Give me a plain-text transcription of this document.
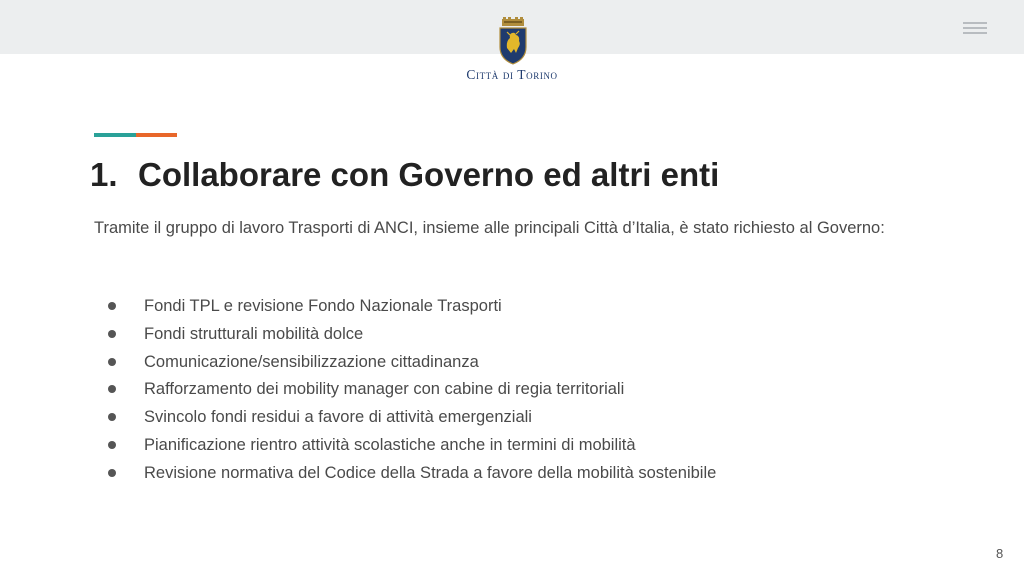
Città di Torino
1. Collaborare con Governo ed altri enti

Tramite il gruppo di lavoro Trasporti di ANCI, insieme alle principali Città d’Italia, è stato richiesto al Governo:

Fondi TPL e revisione Fondo Nazionale Trasporti
Fondi strutturali mobilità dolce
Comunicazione/sensibilizzazione cittadinanza
Rafforzamento dei mobility manager con cabine di regia territoriali
Svincolo fondi residui a favore di attività emergenziali
Pianificazione rientro attività scolastiche anche in termini di mobilità
Revisione normativa del Codice della Strada a favore della mobilità sostenibile
8
